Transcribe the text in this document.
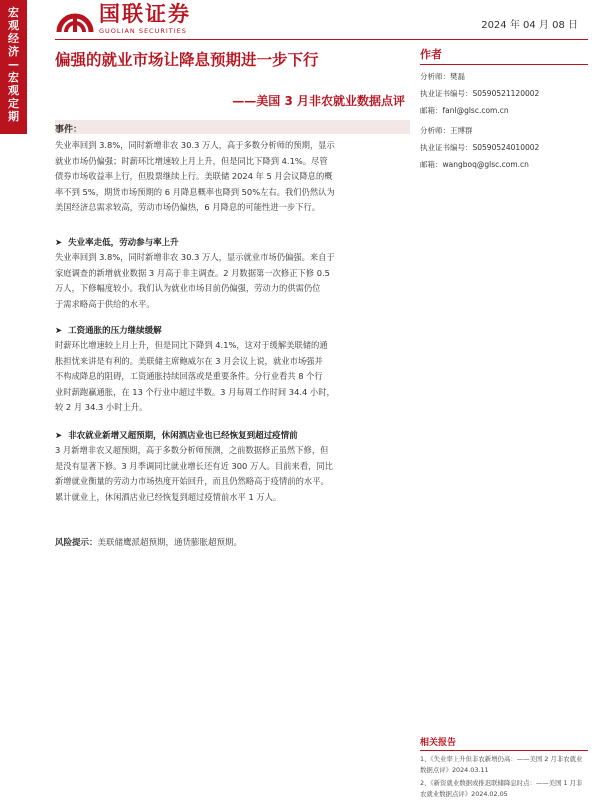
宏观经济—宏观定期
国联证券
GUOLIAN SECURITIES	2024 年 04 月 08 日
偏强的就业市场让降息预期进一步下行
——美国 3 月非农就业数据点评
作者
分析师：樊磊
执业证书编号：S0590521120002
邮箱：fanl@glsc.com.cn
分析师：王博群
执业证书编号：S0590524010002
邮箱：wangboq@glsc.com.cn
事件：
失业率回到 3.8%，同时新增非农 30.3 万人，高于多数分析师的预期，显示
就业市场仍偏强；时薪环比增速较上月上升，但是同比下降到 4.1%。尽管
债券市场收益率上行，但股票继续上行。美联储 2024 年 5 月会议降息的概
率不到 5%，期货市场预期的 6 月降息概率也降到 50%左右。我们仍然认为
美国经济总需求较高，劳动市场仍偏热，6 月降息的可能性进一步下行。
➤ 失业率走低，劳动参与率上升
失业率回到 3.8%，同时新增非农 30.3 万人，显示就业市场仍偏强。来自于
家庭调查的新增就业数据 3 月高于非主调查。2 月数据第一次修正下修 0.5
万人，下修幅度较小。我们认为就业市场目前仍偏强，劳动力的供需仍位
于需求略高于供给的水平。
➤ 工资通胀的压力继续缓解
时薪环比增速较上月上升，但是同比下降到 4.1%，这对于缓解美联储的通
胀担忧来讲是有利的。美联储主席鲍威尔在 3 月会议上说，就业市场强并
不构成降息的阻碍，工资通胀持续回落或是重要条件。分行业看共 8 个行
业时薪跑赢通胀，在 13 个行业中超过半数。3 月每周工作时间 34.4 小时，
较 2 月 34.3 小时上升。
➤ 非农就业新增又超预期，休闲酒店业也已经恢复到超过疫情前
3 月新增非农又超预期，高于多数分析师预测，之前数据修正虽然下修，但
是没有显著下修。3 月季调同比就业增长还有近 300 万人。目前来看，同比
新增就业衡量的劳动力市场热度开始回升，而且仍然略高于疫情前的水平。
累计就业上，休闲酒店业已经恢复到超过疫情前水平 1 万人。
风险提示：美联储鹰派超预期，通货膨胀超预期。
相关报告
1、《失业率上升但非农新增仍高：——美国 2 月非农就业数据点评》2024.03.11
2、《新资就业数据或推迟联储降息时点：——美国 1 月非农就业数据点评》2024.02.05
